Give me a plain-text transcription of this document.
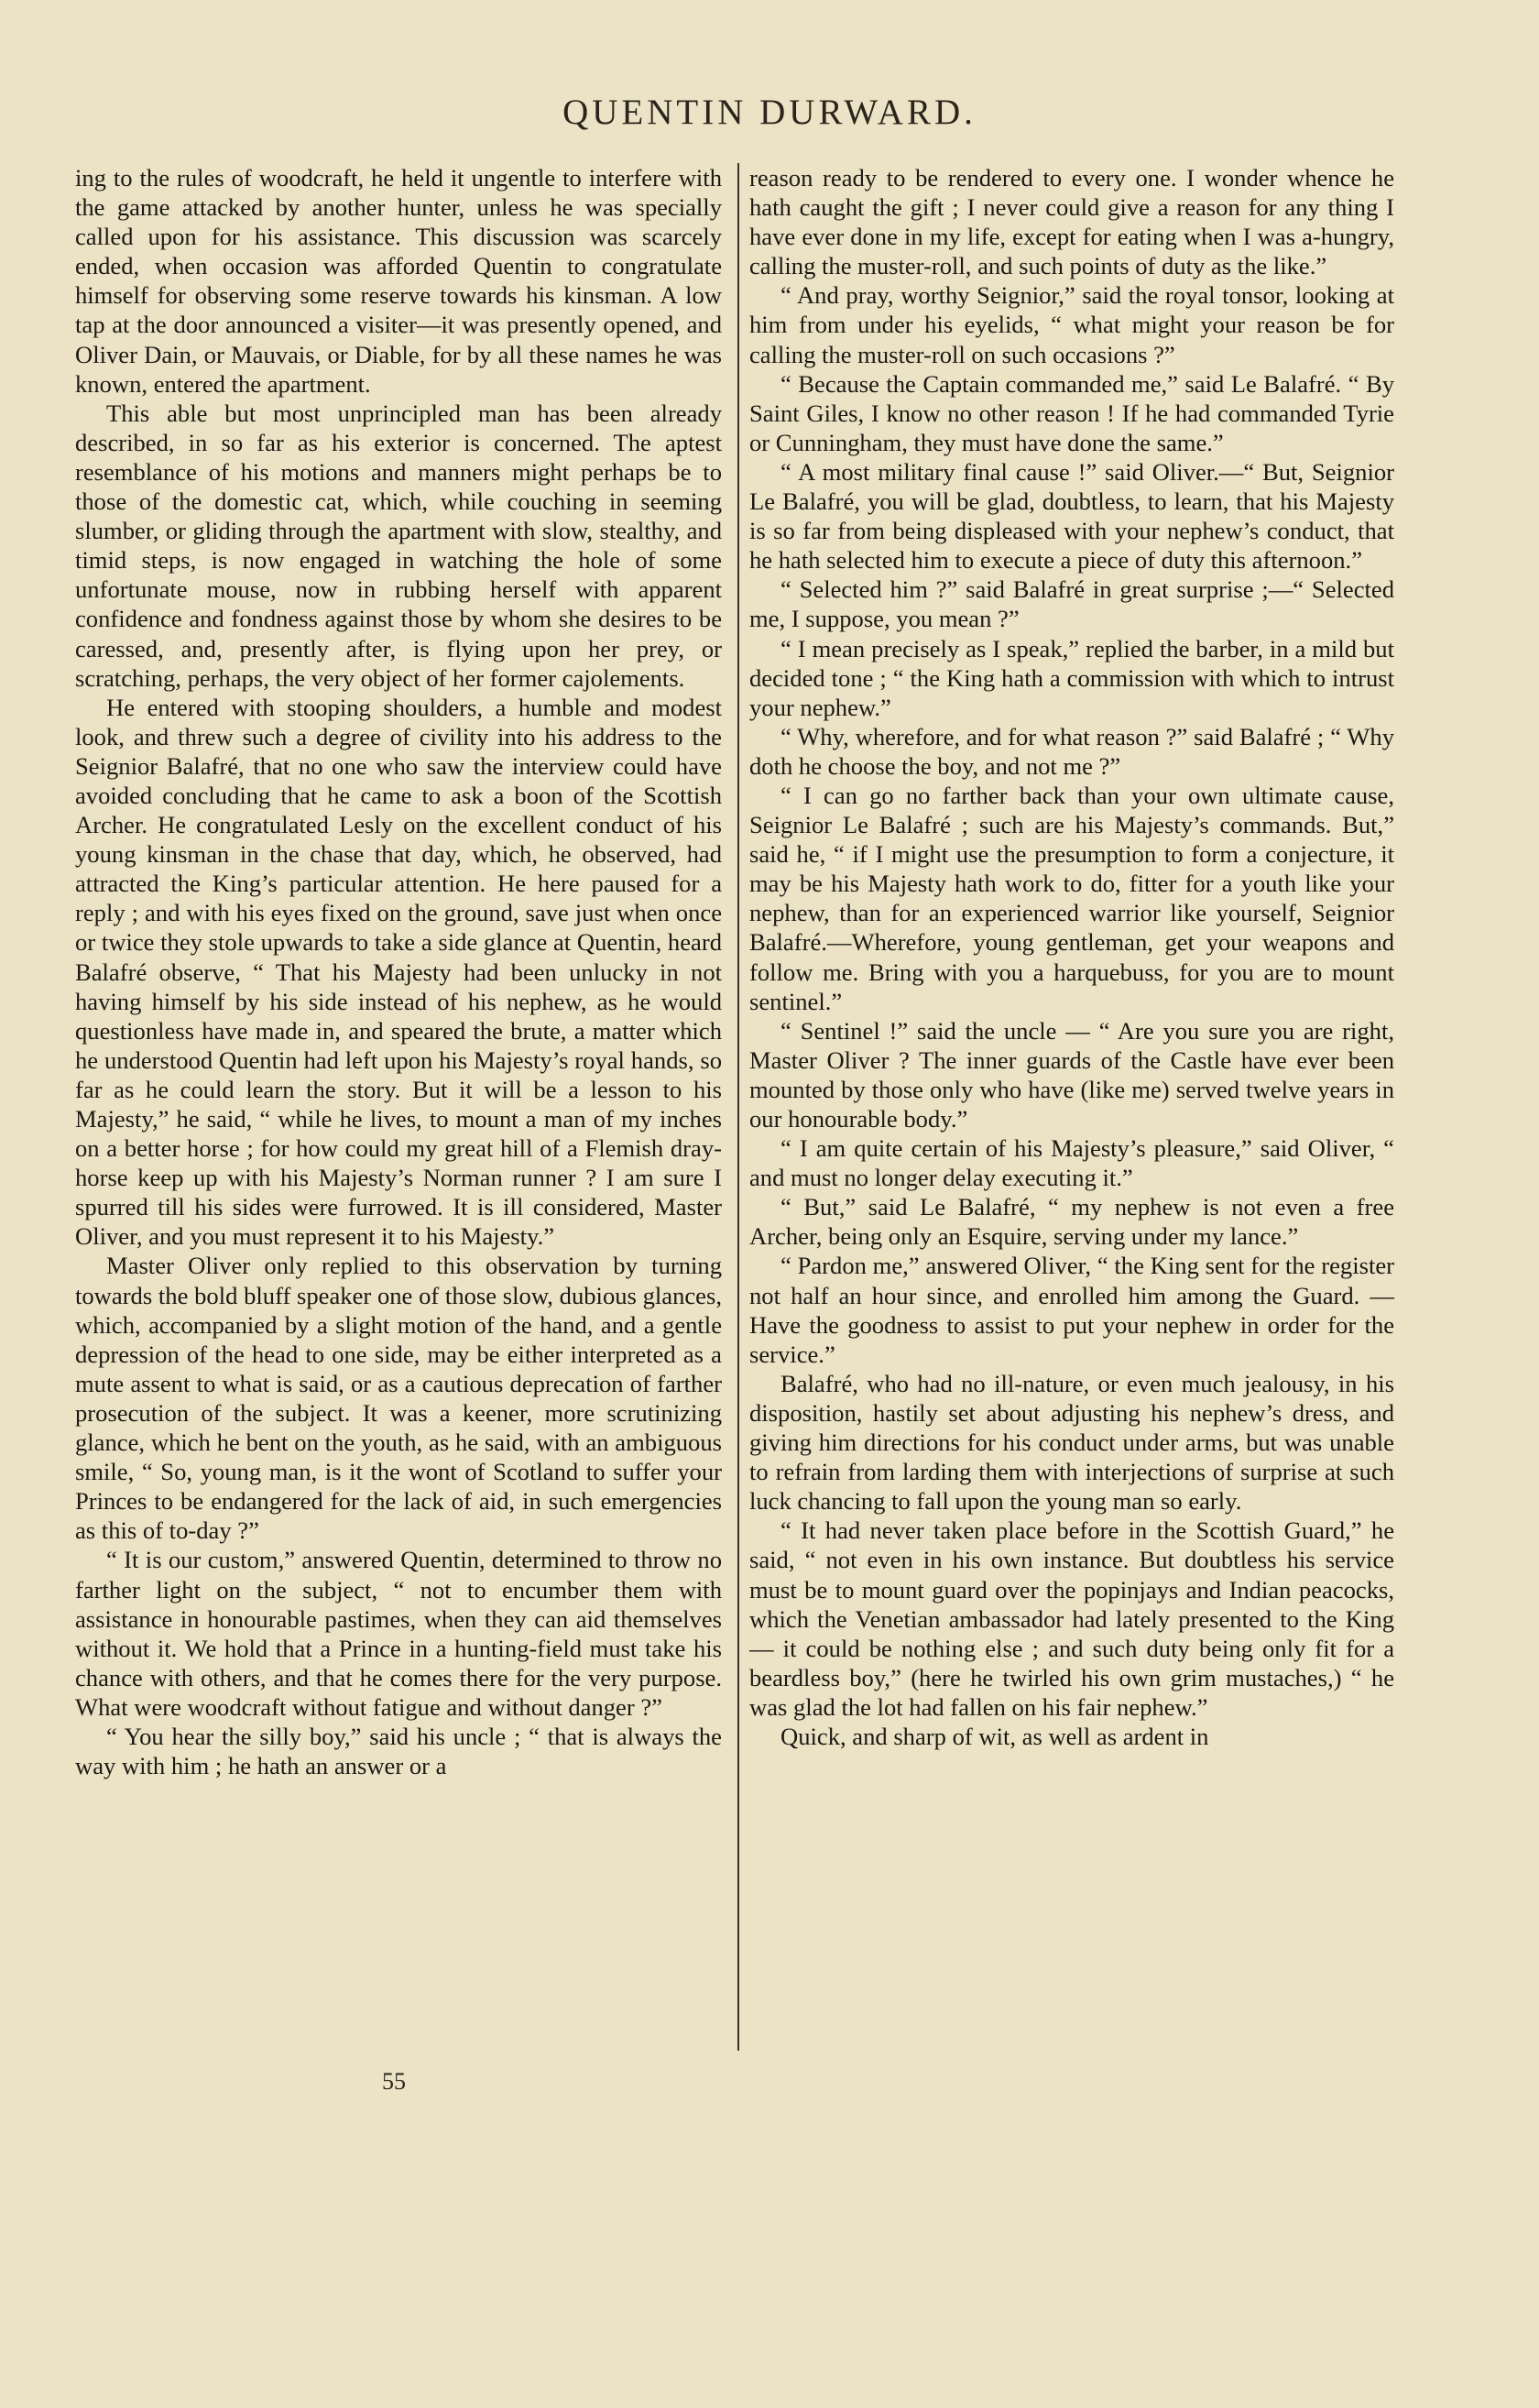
QUENTIN DURWARD.

ing to the rules of woodcraft, he held it ungentle to interfere with the game attacked by another hunter, unless he was specially called upon for his assistance. This discussion was scarcely ended, when occasion was afforded Quentin to congratulate himself for observing some reserve towards his kinsman. A low tap at the door announced a visiter—it was presently opened, and Oliver Dain, or Mauvais, or Diable, for by all these names he was known, entered the apartment.

This able but most unprincipled man has been already described, in so far as his exterior is concerned. The aptest resemblance of his motions and manners might perhaps be to those of the domestic cat, which, while couching in seeming slumber, or gliding through the apartment with slow, stealthy, and timid steps, is now engaged in watching the hole of some unfortunate mouse, now in rubbing herself with apparent confidence and fondness against those by whom she desires to be caressed, and, presently after, is flying upon her prey, or scratching, perhaps, the very object of her former cajolements.

He entered with stooping shoulders, a humble and modest look, and threw such a degree of civility into his address to the Seignior Balafré, that no one who saw the interview could have avoided concluding that he came to ask a boon of the Scottish Archer. He congratulated Lesly on the excellent conduct of his young kinsman in the chase that day, which, he observed, had attracted the King’s particular attention. He here paused for a reply ; and with his eyes fixed on the ground, save just when once or twice they stole upwards to take a side glance at Quentin, heard Balafré observe, “ That his Majesty had been unlucky in not having himself by his side instead of his nephew, as he would questionless have made in, and speared the brute, a matter which he understood Quentin had left upon his Majesty’s royal hands, so far as he could learn the story. But it will be a lesson to his Majesty,” he said, “ while he lives, to mount a man of my inches on a better horse ; for how could my great hill of a Flemish dray-horse keep up with his Majesty’s Norman runner ? I am sure I spurred till his sides were furrowed. It is ill considered, Master Oliver, and you must represent it to his Majesty.”

Master Oliver only replied to this observation by turning towards the bold bluff speaker one of those slow, dubious glances, which, accompanied by a slight motion of the hand, and a gentle depression of the head to one side, may be either interpreted as a mute assent to what is said, or as a cautious deprecation of farther prosecution of the subject. It was a keener, more scrutinizing glance, which he bent on the youth, as he said, with an ambiguous smile, “ So, young man, is it the wont of Scotland to suffer your Princes to be endangered for the lack of aid, in such emergencies as this of to-day ?”

“ It is our custom,” answered Quentin, determined to throw no farther light on the subject, “ not to encumber them with assistance in honourable pastimes, when they can aid themselves without it. We hold that a Prince in a hunting-field must take his chance with others, and that he comes there for the very purpose. What were woodcraft without fatigue and without danger ?”

“ You hear the silly boy,” said his uncle ; “ that is always the way with him ; he hath an answer or a

reason ready to be rendered to every one. I wonder whence he hath caught the gift ; I never could give a reason for any thing I have ever done in my life, except for eating when I was a-hungry, calling the muster-roll, and such points of duty as the like.”

“ And pray, worthy Seignior,” said the royal tonsor, looking at him from under his eyelids, “ what might your reason be for calling the muster-roll on such occasions ?”

“ Because the Captain commanded me,” said Le Balafré. “ By Saint Giles, I know no other reason ! If he had commanded Tyrie or Cunningham, they must have done the same.”

“ A most military final cause !” said Oliver.—“ But, Seignior Le Balafré, you will be glad, doubtless, to learn, that his Majesty is so far from being displeased with your nephew’s conduct, that he hath selected him to execute a piece of duty this afternoon.”

“ Selected him ?” said Balafré in great surprise ;—“ Selected me, I suppose, you mean ?”

“ I mean precisely as I speak,” replied the barber, in a mild but decided tone ; “ the King hath a commission with which to intrust your nephew.”

“ Why, wherefore, and for what reason ?” said Balafré ; “ Why doth he choose the boy, and not me ?”

“ I can go no farther back than your own ultimate cause, Seignior Le Balafré ; such are his Majesty’s commands. But,” said he, “ if I might use the presumption to form a conjecture, it may be his Majesty hath work to do, fitter for a youth like your nephew, than for an experienced warrior like yourself, Seignior Balafré.—Wherefore, young gentleman, get your weapons and follow me. Bring with you a harquebuss, for you are to mount sentinel.”

“ Sentinel !” said the uncle — “ Are you sure you are right, Master Oliver ? The inner guards of the Castle have ever been mounted by those only who have (like me) served twelve years in our honourable body.”

“ I am quite certain of his Majesty’s pleasure,” said Oliver, “ and must no longer delay executing it.”

“ But,” said Le Balafré, “ my nephew is not even a free Archer, being only an Esquire, serving under my lance.”

“ Pardon me,” answered Oliver, “ the King sent for the register not half an hour since, and enrolled him among the Guard. — Have the goodness to assist to put your nephew in order for the service.”

Balafré, who had no ill-nature, or even much jealousy, in his disposition, hastily set about adjusting his nephew’s dress, and giving him directions for his conduct under arms, but was unable to refrain from larding them with interjections of surprise at such luck chancing to fall upon the young man so early.

“ It had never taken place before in the Scottish Guard,” he said, “ not even in his own instance. But doubtless his service must be to mount guard over the popinjays and Indian peacocks, which the Venetian ambassador had lately presented to the King — it could be nothing else ; and such duty being only fit for a beardless boy,” (here he twirled his own grim mustaches,) “ he was glad the lot had fallen on his fair nephew.”

Quick, and sharp of wit, as well as ardent in

55
